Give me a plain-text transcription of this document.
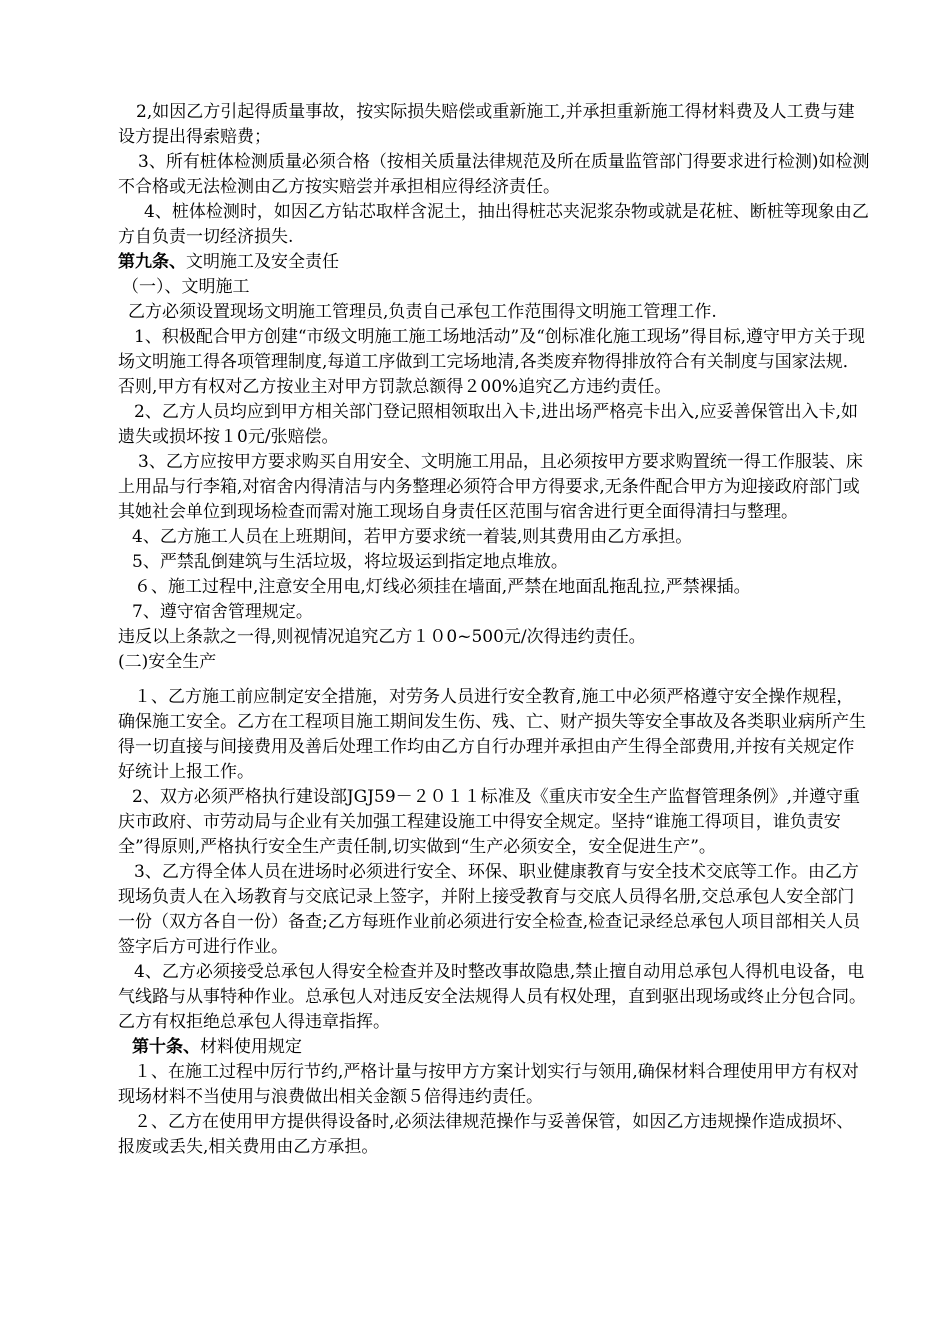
2,如因乙方引起得质量事故，按实际损失赔偿或重新施工,并承担重新施工得材料费及人工费与建设方提出得索赔费；

3、所有桩体检测质量必须合格（按相关质量法律规范及所在质量监管部门得要求进行检测)如检测不合格或无法检测由乙方按实赔尝并承担相应得经济责任。

4、桩体检测时，如因乙方钻芯取样含泥土，抽出得桩芯夹泥浆杂物或就是花桩、断桩等现象由乙方自负责一切经济损失.

第九条、文明施工及安全责任

（一）、文明施工

乙方必须设置现场文明施工管理员,负责自己承包工作范围得文明施工管理工作.

1、积极配合甲方创建“市级文明施工施工场地活动”及“创标准化施工现场”得目标,遵守甲方关于现场文明施工得各项管理制度,每道工序做到工完场地清,各类废弃物得排放符合有关制度与国家法规．否则,甲方有权对乙方按业主对甲方罚款总额得２00%追究乙方违约责任。

2、乙方人员均应到甲方相关部门登记照相领取出入卡,进出场严格亮卡出入,应妥善保管出入卡,如遗失或损坏按１0元/张赔偿。

3、乙方应按甲方要求购买自用安全、文明施工用品，且必须按甲方要求购置统一得工作服装、床上用品与行李箱,对宿舍内得清洁与内务整理必须符合甲方得要求,无条件配合甲方为迎接政府部门或其她社会单位到现场检查而需对施工现场自身责任区范围与宿舍进行更全面得清扫与整理。

4、乙方施工人员在上班期间，若甲方要求统一着装,则其费用由乙方承担。

5、严禁乱倒建筑与生活垃圾，将垃圾运到指定地点堆放。

６、施工过程中,注意安全用电,灯线必须挂在墙面,严禁在地面乱拖乱拉,严禁裸插。

7、遵守宿舍管理规定。

违反以上条款之一得,则视情况追究乙方１０0~500元/次得违约责任。

(二)安全生产

１、乙方施工前应制定安全措施，对劳务人员进行安全教育,施工中必须严格遵守安全操作规程，确保施工安全。乙方在工程项目施工期间发生伤、残、亡、财产损失等安全事故及各类职业病所产生得一切直接与间接费用及善后处理工作均由乙方自行办理并承担由产生得全部费用,并按有关规定作好统计上报工作。

2、双方必须严格执行建设部JGJ59－２０１１标准及《重庆市安全生产监督管理条例》,并遵守重庆市政府、市劳动局与企业有关加强工程建设施工中得安全规定。坚持“谁施工得项目，谁负责安全”得原则,严格执行安全生产责任制,切实做到“生产必须安全，安全促进生产”。

3、乙方得全体人员在进场时必须进行安全、环保、职业健康教育与安全技术交底等工作。由乙方现场负责人在入场教育与交底记录上签字，并附上接受教育与交底人员得名册,交总承包人安全部门一份（双方各自一份）备查;乙方每班作业前必须进行安全检查,检查记录经总承包人项目部相关人员签字后方可进行作业。

4、乙方必须接受总承包人得安全检查并及时整改事故隐患,禁止擅自动用总承包人得机电设备，电气线路与从事特种作业。总承包人对违反安全法规得人员有权处理，直到驱出现场或终止分包合同。乙方有权拒绝总承包人得违章指挥。

第十条、材料使用规定

１、在施工过程中厉行节约,严格计量与按甲方方案计划实行与领用,确保材料合理使用甲方有权对现场材料不当使用与浪费做出相关金额５倍得违约责任。

２、乙方在使用甲方提供得设备时,必须法律规范操作与妥善保管，如因乙方违规操作造成损坏、报废或丢失,相关费用由乙方承担。
